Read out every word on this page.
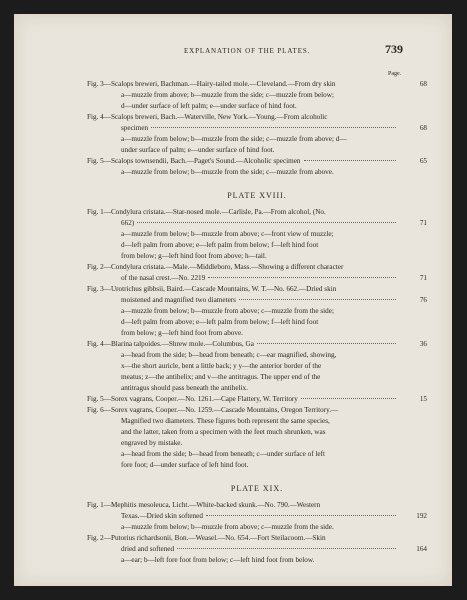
EXPLANATION OF THE PLATES.	739
Page.
Fig. 3—Scalops breweri, Bachman.—Hairy-tailed mole.—Cleveland.—From dry skin	68
a—muzzle from above; b—muzzle from the side; c—muzzle from below;
d—under surface of left palm; e—under surface of hind foot.
Fig. 4—Scalops breweri, Bach.—Waterville, New York.—Young.—From alcoholic
specimen	68
a—muzzle from below; b—muzzle from the side; c—muzzle from above; d—
under surface of palm; e—under surface of hind foot.
Fig. 5—Scalops townsendii, Bach.—Paget's Sound.—Alcoholic specimen	65
a—muzzle from below; b—muzzle from the side; c—muzzle from above.
PLATE XVIII.
Fig. 1—Condylura cristata.—Star-nosed mole.—Carlisle, Pa.—From alcohol, (No.
662)	71
a—muzzle from below; b—muzzle from above; c—front view of muzzle;
d—left palm from above; e—left palm from below; f—left hind foot
from below; g—left hind foot from above; h—tail.
Fig. 2—Condylura cristata.—Male.—Middleboro, Mass.—Showing a different character
of the nasal crest.—No. 2219	71
Fig. 3—Urotrichus gibbsii, Baird.—Cascade Mountains, W. T.—No. 662.—Dried skin
moistened and magnified two diameters	76
a—muzzle from below; b—muzzle from above; c—muzzle from the side;
d—left palm from above; e—left palm from below; f—left hind foot
from below; g—left hind foot from above.
Fig. 4—Blarina talpoides.—Shrew mole.—Columbus, Ga	36
a—head from the side; b—head from beneath; c—ear magnified, showing,
x—the short auricle, bent a little back; y y—the anterior border of the
meatus; z—the antihelix; and v—the antitragus. The upper end of the
antitragus should pass beneath the antihelix.
Fig. 5—Sorex vagrans, Cooper.—No. 1261.—Cape Flattery, W. Territory	15
Fig. 6—Sorex vagrans, Cooper.—No. 1259.—Cascade Mountains, Oregon Territory.—
Magnified two diameters. These figures both represent the same species,
and the latter, taken from a specimen with the feet much shrunken, was
engraved by mistake.
a—head from the side; b—head from beneath; c—under surface of left
fore foot; d—under surface of left hind foot.
PLATE XIX.
Fig. 1—Mephitis mesoleuca, Licht.—White-backed skunk.—No. 790.—Western
Texas.—Dried skin softened	192
a—muzzle from below; b—muzzle from above; c—muzzle from the side.
Fig. 2—Putorius richardsonii, Bon.—Weasel.—No. 654.—Fort Steilacoom.—Skin
dried and softened	164
a—ear; b—left fore foot from below; c—left hind foot from below.
